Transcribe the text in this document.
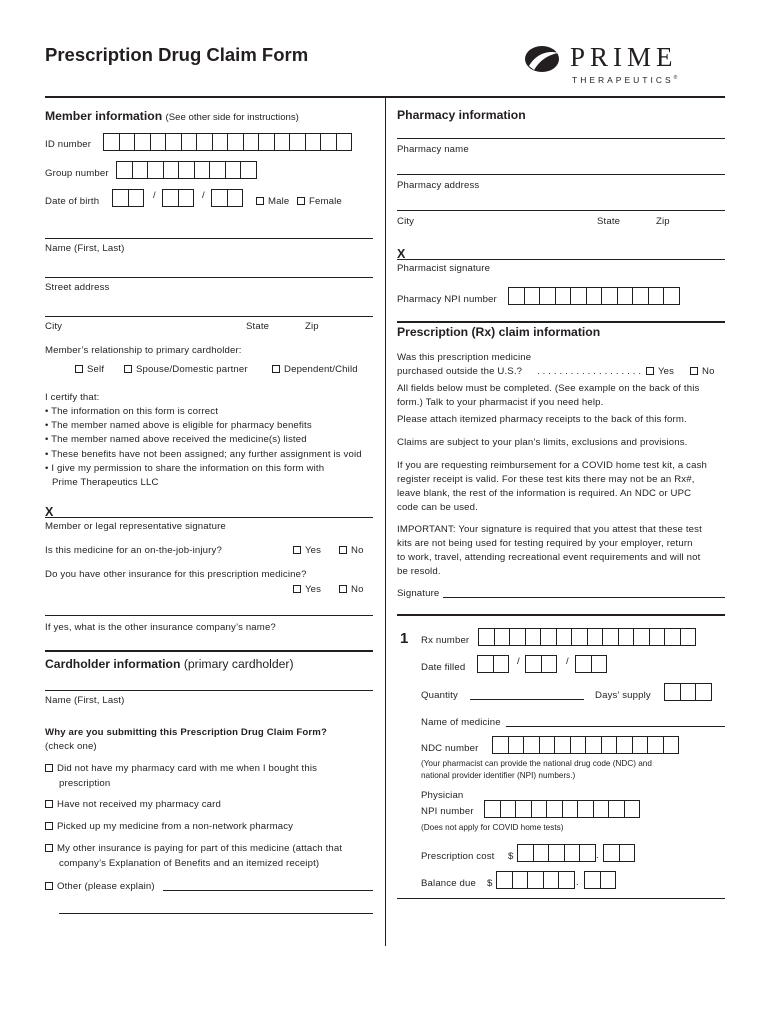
Prescription Drug Claim Form	PRIME
THERAPEUTICS®
Member information (See other side for instructions)
ID number
Group number
Date of birth
/	/
Male	Female
Name (First, Last)
Street address
City	State	Zip
Member’s relationship to primary cardholder:
Self	Spouse/Domestic partner	Dependent/Child
I certify that:
• The information on this form is correct
• The member named above is eligible for pharmacy benefits
• The member named above received the medicine(s) listed
• These benefits have not been assigned; any further assignment is void
• I give my permission to share the information on this form with
Prime Therapeutics LLC
X
Member or legal representative signature
Is this medicine for an on-the-job-injury?	Yes	No
Do you have other insurance for this prescription medicine?
Yes	No
If yes, what is the other insurance company’s name?
Cardholder information (primary cardholder)
Name (First, Last)
Why are you submitting this Prescription Drug Claim Form?
(check one)
Did not have my pharmacy card with me when I bought this
prescription
Have not received my pharmacy card
Picked up my medicine from a non-network pharmacy
My other insurance is paying for part of this medicine (attach that
company’s Explanation of Benefits and an itemized receipt)
Other (please explain)
Pharmacy information
Pharmacy name
Pharmacy address
City	State	Zip
X
Pharmacist signature
Pharmacy NPI number
Prescription (Rx) claim information
Was this prescription medicine
purchased outside the U.S.? . . . . . . . . . . . . . . . . . . .	Yes	No
All fields below must be completed. (See example on the back of this
form.) Talk to your pharmacist if you need help.
Please attach itemized pharmacy receipts to the back of this form.
Claims are subject to your plan’s limits, exclusions and provisions.
If you are requesting reimbursement for a COVID home test kit, a cash
register receipt is valid. For these test kits there may not be an Rx#,
leave blank, the rest of the information is required. An NDC or UPC
code can be used.
IMPORTANT: Your signature is required that you attest that these test
kits are not being used for testing required by your employer, return
to work, travel, attending recreational event requirements and will not
be resold.
Signature
1 Rx number
Date filled
/	/
Quantity	Days’ supply
Name of medicine
NDC number
(Your pharmacist can provide the national drug code (NDC) and
national provider identifier (NPI) numbers.)
Physician
NPI number
(Does not apply for COVID home tests)
Prescription cost $	.
Balance due $	.
